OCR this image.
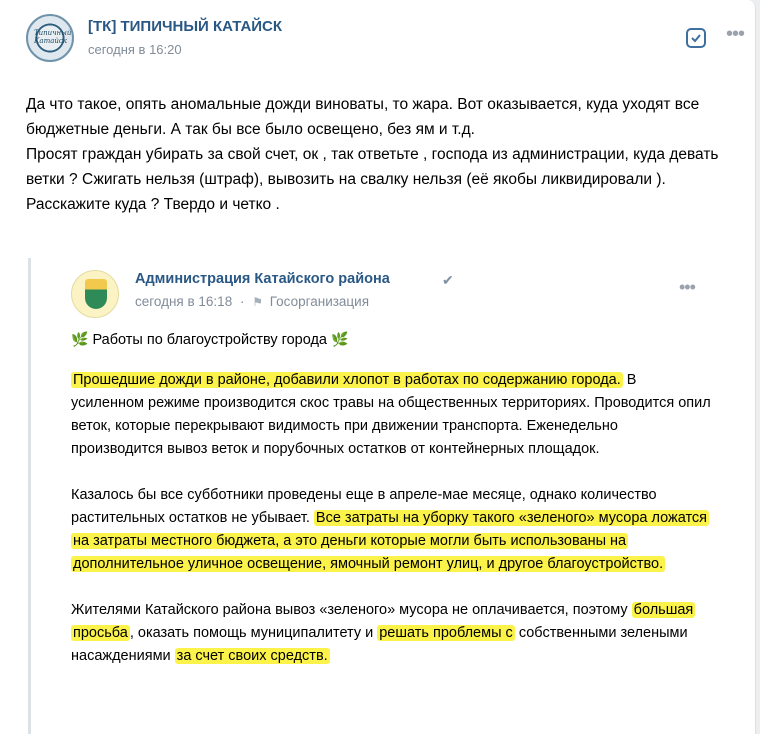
Типичный Катайск
[ТК] ТИПИЧНЫЙ КАТАЙСК
сегодня в 16:20
•••

Да что такое, опять аномальные дожди виноваты, то жара. Вот оказывается, куда уходят все бюджетные деньги. А так бы все было освещено, без ям и т.д.

Просят граждан убирать за свой счет, ок , так ответьте , господа из администрации, куда девать ветки ? Сжигать нельзя (штраф), вывозить на свалку нельзя (её якобы ликвидировали ).

Расскажите куда ? Твердо и четко .

Администрация Катайского района	✔
сегодня в 16:18 · ⚑ Госорганизация
•••
🌿 Работы по благоустройству города 🌿
Прошедшие дожди в районе, добавили хлопот в работах по содержанию города. В усиленном режиме производится скос травы на общественных территориях. Проводится опил веток, которые перекрывают видимость при движении транспорта. Еженедельно производится вывоз веток и порубочных остатков от контейнерных площадок.
Казалось бы все субботники проведены еще в апреле-мае месяце, однако количество растительных остатков не убывает. Все затраты на уборку такого «зеленого» мусора ложатся на затраты местного бюджета, а это деньги которые могли быть использованы на дополнительное уличное освещение, ямочный ремонт улиц, и другое благоустройство.
Жителями Катайского района вывоз «зеленого» мусора не оплачивается, поэтому большая просьба , оказать помощь муниципалитету и решать проблемы с собственными зелеными насаждениями за счет своих средств.
